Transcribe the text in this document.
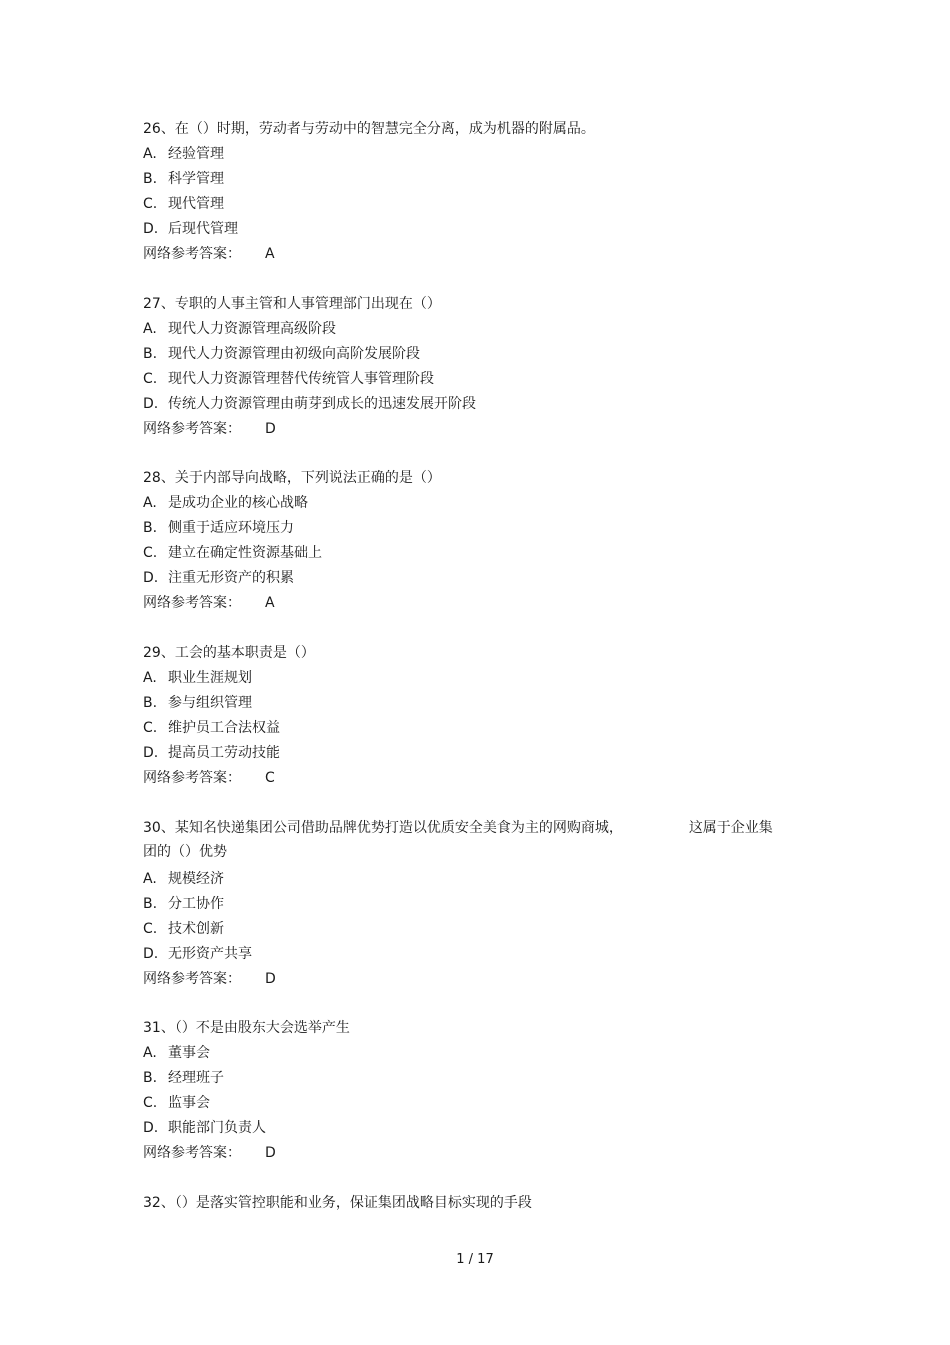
26、在（）时期，劳动者与劳动中的智慧完全分离，成为机器的附属品。
A. 经验管理
B. 科学管理
C. 现代管理
D. 后现代管理
网络参考答案： A
27、专职的人事主管和人事管理部门出现在（）
A. 现代人力资源管理高级阶段
B. 现代人力资源管理由初级向高阶发展阶段
C. 现代人力资源管理替代传统管人事管理阶段
D. 传统人力资源管理由萌芽到成长的迅速发展开阶段
网络参考答案： D
28、关于内部导向战略，下列说法正确的是（）
A. 是成功企业的核心战略
B. 侧重于适应环境压力
C. 建立在确定性资源基础上
D. 注重无形资产的积累
网络参考答案： A
29、工会的基本职责是（）
A. 职业生涯规划
B. 参与组织管理
C. 维护员工合法权益
D. 提高员工劳动技能
网络参考答案： C
30、某知名快递集团公司借助品牌优势打造以优质安全美食为主的网购商城，	这属于企业集
团的（）优势
A. 规模经济
B. 分工协作
C. 技术创新
D. 无形资产共享
网络参考答案： D
31、（）不是由股东大会选举产生
A. 董事会
B. 经理班子
C. 监事会
D. 职能部门负责人
网络参考答案： D
32、（）是落实管控职能和业务，保证集团战略目标实现的手段
1 / 17
